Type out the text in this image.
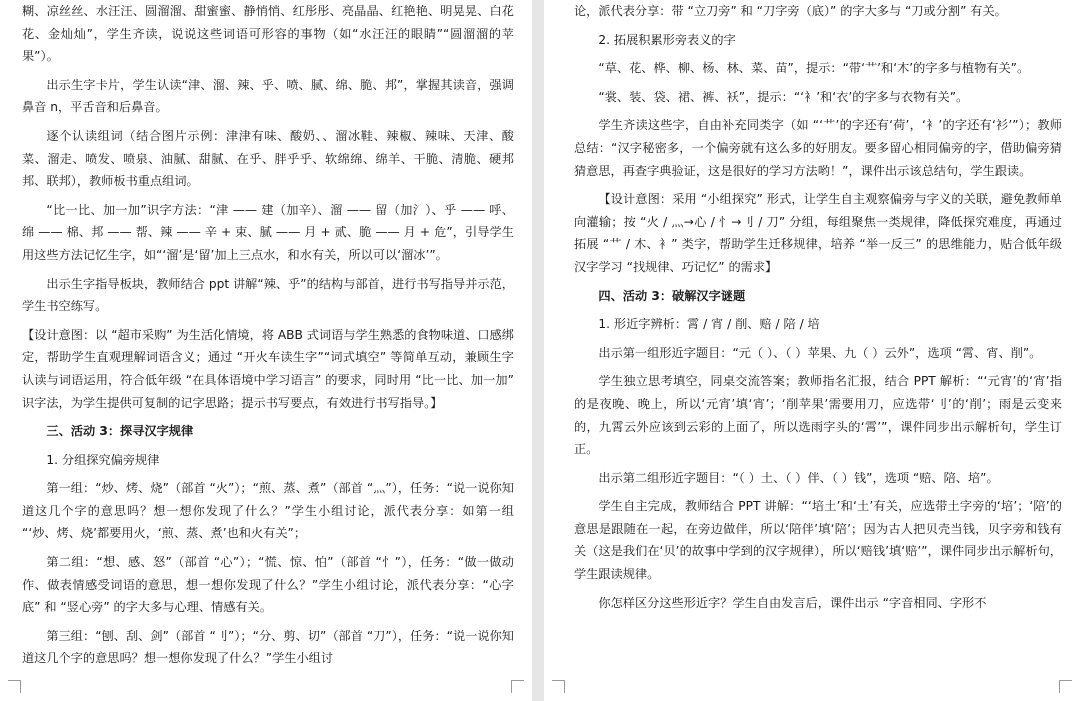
糊、凉丝丝、水汪汪、圆溜溜、甜蜜蜜、静悄悄、红彤彤、亮晶晶、红艳艳、明晃晃、白花花、金灿灿”，学生齐读，说说这些词语可形容的事物（如“水汪汪的眼睛”“圆溜溜的苹果”）。

出示生字卡片，学生认读“津、溜、辣、乎、喷、腻、绵、脆、邦”，掌握其读音，强调鼻音 n，平舌音和后鼻音。

逐个认读组词（结合图片示例：津津有味、酸奶、、溜冰鞋、辣椒、辣味、天津、酸菜、溜走、喷发、喷泉、油腻、甜腻、在乎、胖乎乎、软绵绵、绵羊、干脆、清脆、硬邦邦、联邦），教师板书重点组词。

“比一比、加一加”识字方法：“津 —— 建（加辛）、溜 —— 留（加氵）、乎 —— 呼、绵 —— 棉、邦 —— 帮、辣 —— 辛 + 束、腻 —— 月 + 贰、脆 —— 月 + 危”，引导学生用这些方法记忆生字，如“‘溜’是‘留’加上三点水，和水有关，所以可以‘溜冰’”。

出示生字指导板块，教师结合 ppt 讲解“辣、乎”的结构与部首，进行书写指导并示范，学生书空练写。

【设计意图：以 “超市采购” 为生活化情境，将 ABB 式词语与学生熟悉的食物味道、口感绑定，帮助学生直观理解词语含义；通过 “开火车读生字”“词式填空” 等简单互动，兼顾生字认读与词语运用，符合低年级 “在具体语境中学习语言” 的要求，同时用 “比一比、加一加” 识字法，为学生提供可复制的记字思路；提示书写要点，有效进行书写指导。】

三、活动 3：探寻汉字规律

1. 分组探究偏旁规律

第一组：“炒、烤、烧”（部首 “火”）；“煎、蒸、煮”（部首 “灬”），任务：“说一说你知道这几个字的意思吗？想一想你发现了什么？”学生小组讨论，派代表分享：如第一组 “‘炒、烤、烧’都要用火，‘煎、蒸、煮’也和火有关”；

第二组：“想、感、怒”（部首 “心”）；“慌、惊、怕”（部首 “忄”），任务：“做一做动作、做表情感受词语的意思，想一想你发现了什么？”学生小组讨论，派代表分享：“心字底” 和 “竖心旁” 的字大多与心理、情感有关。

第三组：“刨、刮、剑”（部首 “刂”）；“分、剪、切”（部首 “刀”），任务：“说一说你知道这几个字的意思吗？想一想你发现了什么？”学生小组讨

论，派代表分享：带 “立刀旁” 和 “刀字旁（底）” 的字大多与 “刀或分割” 有关。

2. 拓展积累形旁表义的字

“草、花、桦、柳、杨、林、菜、苗”，提示：“带‘艹’和‘木’的字多与植物有关”。

“裳、装、袋、裙、裤、袄”，提示：“‘衤’和‘衣’的字多与衣物有关”。

学生齐读这些字，自由补充同类字（如 “‘艹’的字还有‘荷’，‘衤’的字还有‘衫’”）；教师总结：“汉字秘密多，一个偏旁就有这么多的好朋友。要多留心相同偏旁的字，借助偏旁猜猜意思，再查字典验证，这是很好的学习方法哟！”，课件出示该总结句，学生跟读。

【设计意图：采用 “小组探究” 形式，让学生自主观察偏旁与字义的关联，避免教师单向灌输；按 “火 / 灬→心 / 忄→刂 / 刀” 分组，每组聚焦一类规律，降低探究难度，再通过拓展 “艹 / 木、衤” 类字，帮助学生迁移规律，培养 “举一反三” 的思维能力，贴合低年级汉字学习 “找规律、巧记忆” 的需求】

四、活动 3：破解汉字谜题

1. 形近字辨析：霄 / 宵 / 削、赔 / 陪 / 培

出示第一组形近字题目：“元（ ）、（ ）苹果、九（ ）云外”，选项 “霄、宵、削”。

学生独立思考填空，同桌交流答案；教师指名汇报，结合 PPT 解析：“‘元宵’的‘宵’指的是夜晚、晚上，所以‘元宵’填‘宵’；‘削苹果’需要用刀，应选带‘刂’的‘削’；雨是云变来的，九霄云外应该到云彩的上面了，所以选雨字头的‘霄’”，课件同步出示解析句，学生订正。

出示第二组形近字题目：“（ ）土、（ ）伴、（ ）钱”，选项 “赔、陪、培”。

学生自主完成，教师结合 PPT 讲解：“‘培土’和‘土’有关，应选带土字旁的‘培’；‘陪’的意思是跟随在一起，在旁边做伴，所以‘陪伴’填‘陪’；因为古人把贝壳当钱，贝字旁和钱有关（这是我们在‘贝’的故事中学到的汉字规律），所以‘赔钱’填‘赔’”，课件同步出示解析句，学生跟读规律。

你怎样区分这些形近字？学生自由发言后，课件出示 “字音相同、字形不
